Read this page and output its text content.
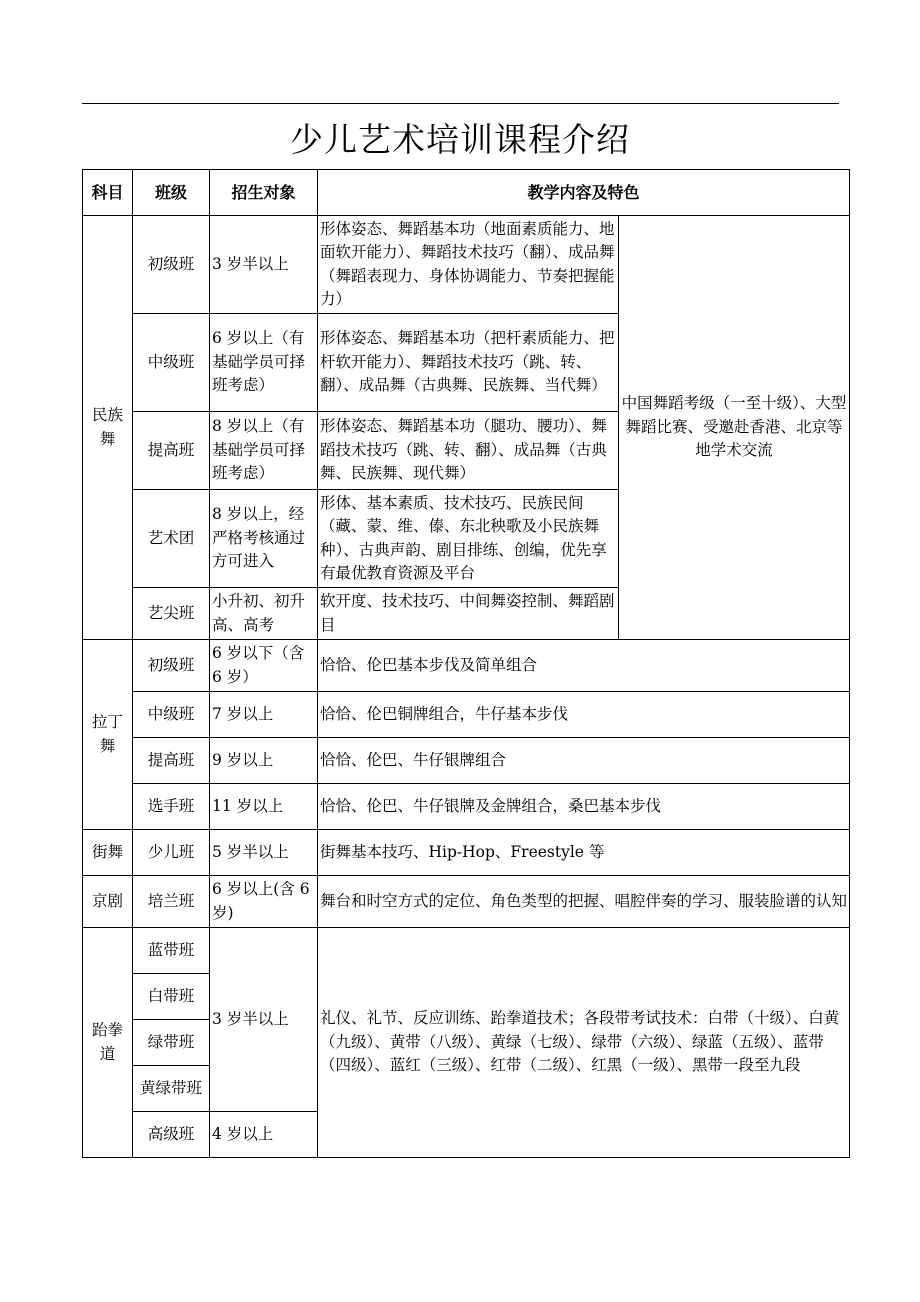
少儿艺术培训课程介绍
科目	班级	招生对象	教学内容及特色	
民族舞	初级班	3 岁半以上	形体姿态、舞蹈基本功（地面素质能力、地面软开能力）、舞蹈技术技巧（翻）、成品舞（舞蹈表现力、身体协调能力、节奏把握能力）	中国舞蹈考级（一至十级）、大型舞蹈比赛、受邀赴香港、北京等地学术交流
	中级班	6 岁以上（有基础学员可择班考虑）	形体姿态、舞蹈基本功（把杆素质能力、把杆软开能力）、舞蹈技术技巧（跳、转、翻）、成品舞（古典舞、民族舞、当代舞）	
	提高班	8 岁以上（有基础学员可择班考虑）	形体姿态、舞蹈基本功（腿功、腰功）、舞蹈技术技巧（跳、转、翻）、成品舞（古典舞、民族舞、现代舞）	
	艺术团	8 岁以上，经严格考核通过方可进入	形体、基本素质、技术技巧、民族民间（藏、蒙、维、傣、东北秧歌及小民族舞种）、古典声韵、剧目排练、创编，优先享有最优教育资源及平台	
	艺尖班	小升初、初升高、高考	软开度、技术技巧、中间舞姿控制、舞蹈剧目	
拉丁舞	初级班	6 岁以下（含 6 岁）	恰恰、伦巴基本步伐及简单组合	
	中级班	7 岁以上	恰恰、伦巴铜牌组合，牛仔基本步伐	
	提高班	9 岁以上	恰恰、伦巴、牛仔银牌组合	
	选手班	11 岁以上	恰恰、伦巴、牛仔银牌及金牌组合，桑巴基本步伐	
街舞	少儿班	5 岁半以上	街舞基本技巧、Hip-Hop、Freestyle 等	
京剧	培兰班	6 岁以上(含 6 岁)	舞台和时空方式的定位、角色类型的把握、唱腔伴奏的学习、服装脸谱的认知	
跆拳道	蓝带班	3 岁半以上	礼仪、礼节、反应训练、跆拳道技术；各段带考试技术：白带（十级）、白黄（九级）、黄带（八级）、黄绿（七级）、绿带（六级）、绿蓝（五级）、蓝带（四级）、蓝红（三级）、红带（二级）、红黑（一级）、黑带一段至九段	
	白带班			
	绿带班			
	黄绿带班			
	高级班	4 岁以上		
